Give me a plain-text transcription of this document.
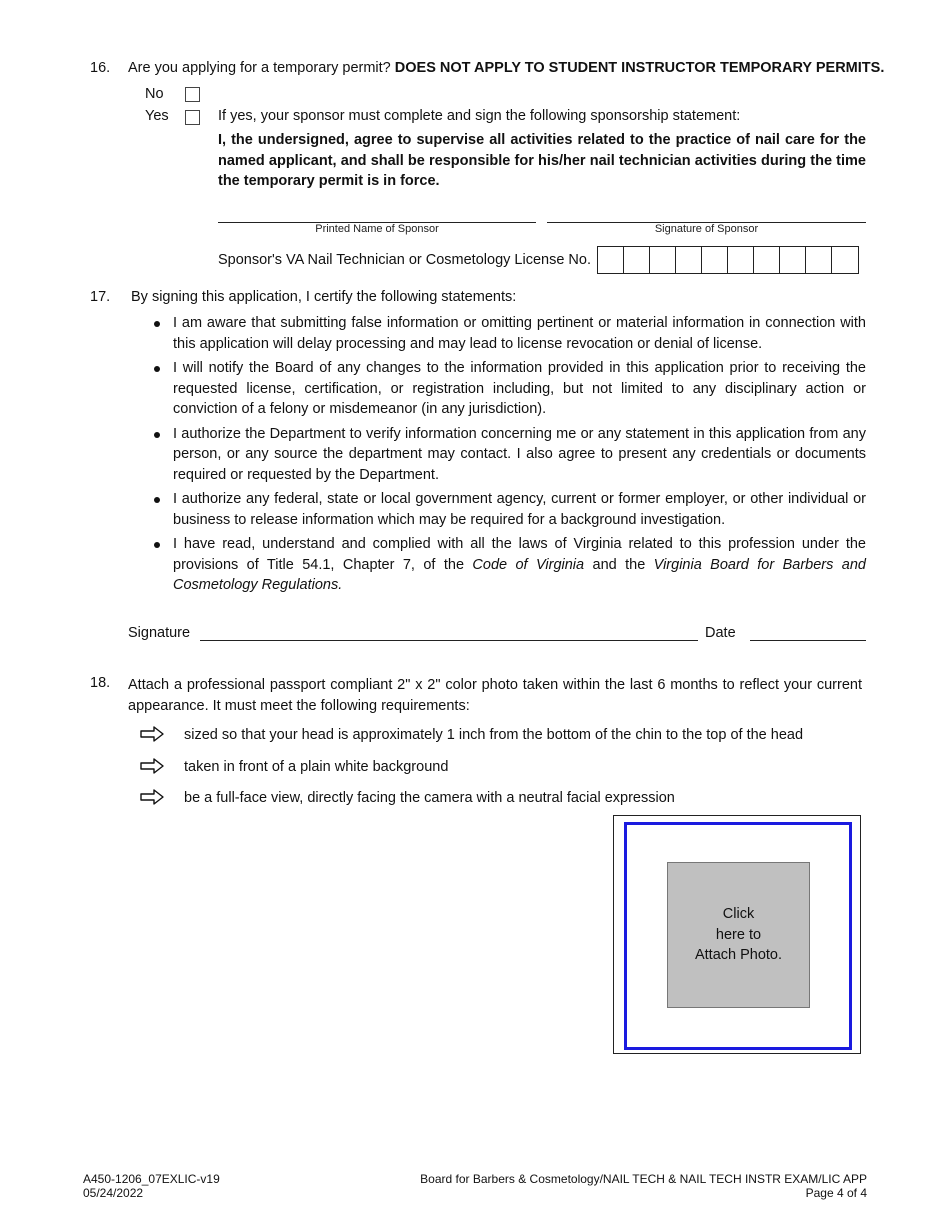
16. Are you applying for a temporary permit? DOES NOT APPLY TO STUDENT INSTRUCTOR TEMPORARY PERMITS.
No
Yes	If yes, your sponsor must complete and sign the following sponsorship statement:
I, the undersigned, agree to supervise all activities related to the practice of nail care for the named applicant, and shall be responsible for his/her nail technician activities during the time the temporary permit is in force.
Printed Name of Sponsor	Signature of Sponsor
Sponsor's VA Nail Technician or Cosmetology License No.
17. By signing this application, I certify the following statements:
I am aware that submitting false information or omitting pertinent or material information in connection with this application will delay processing and may lead to license revocation or denial of license.
I will notify the Board of any changes to the information provided in this application prior to receiving the requested license, certification, or registration including, but not limited to any disciplinary action or conviction of a felony or misdemeanor (in any jurisdiction).
I authorize the Department to verify information concerning me or any statement in this application from any person, or any source the department may contact. I also agree to present any credentials or documents required or requested by the Department.
I authorize any federal, state or local government agency, current or former employer, or other individual or business to release information which may be required for a background investigation.
I have read, understand and complied with all the laws of Virginia related to this profession under the provisions of Title 54.1, Chapter 7, of the Code of Virginia and the Virginia Board for Barbers and Cosmetology Regulations.
Signature	Date
18. Attach a professional passport compliant 2" x 2" color photo taken within the last 6 months to reflect your current appearance. It must meet the following requirements:
sized so that your head is approximately 1 inch from the bottom of the chin to the top of the head
taken in front of a plain white background
be a full-face view, directly facing the camera with a neutral facial expression
Click
here to
Attach Photo.
A450-1206_07EXLIC-v19
05/24/2022
Board for Barbers & Cosmetology/NAIL TECH & NAIL TECH INSTR EXAM/LIC APP
Page 4 of 4
